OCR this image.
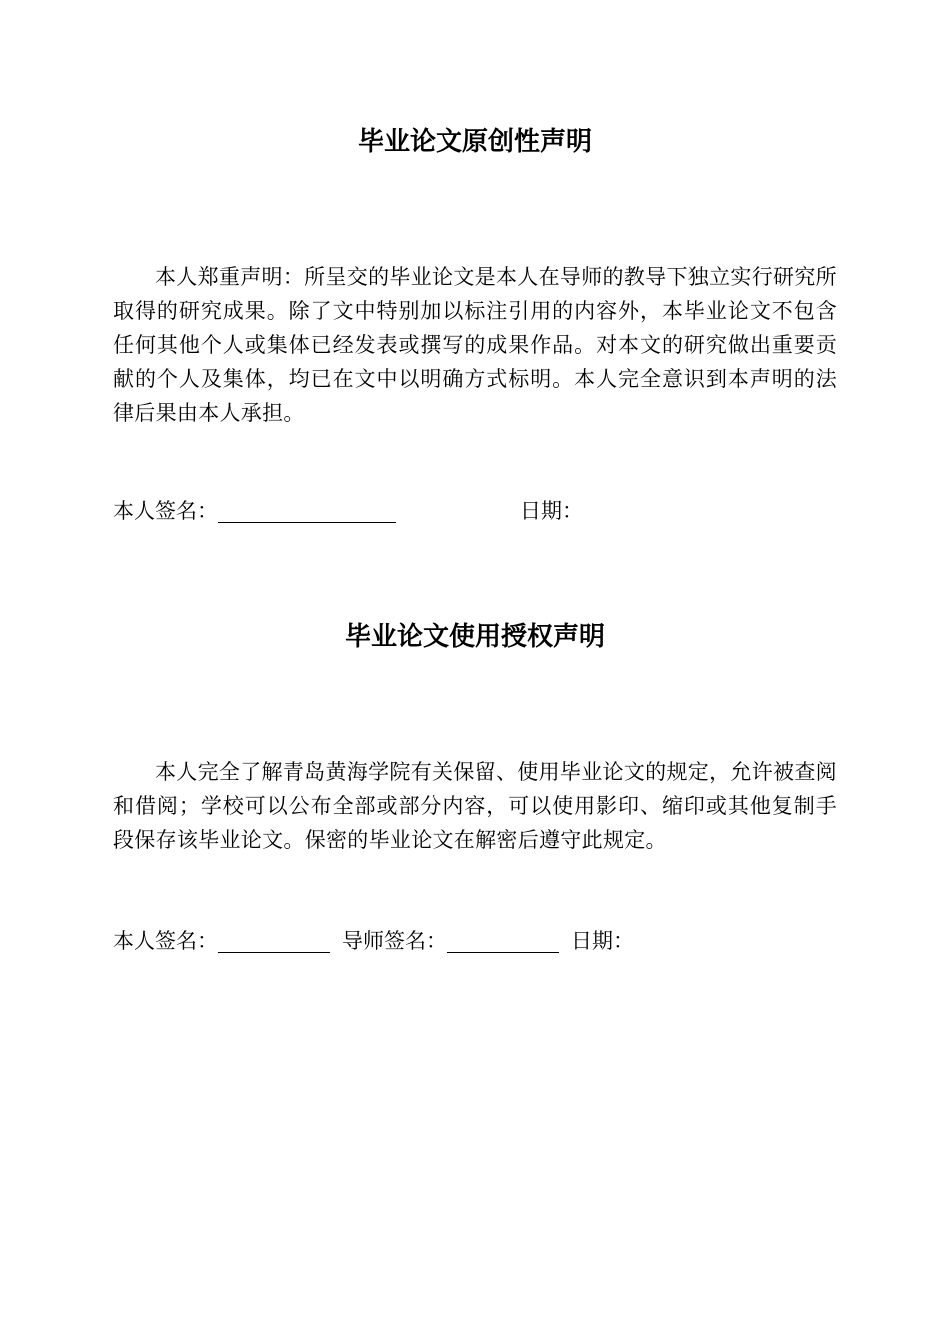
毕业论文原创性声明

本人郑重声明：所呈交的毕业论文是本人在导师的教导下独立实行研究所取得的研究成果。除了文中特别加以标注引用的内容外，本毕业论文不包含任何其他个人或集体已经发表或撰写的成果作品。对本文的研究做出重要贡献的个人及集体，均已在文中以明确方式标明。本人完全意识到本声明的法律后果由本人承担。

本人签名：	日期：
毕业论文使用授权声明

本人完全了解青岛黄海学院有关保留、使用毕业论文的规定，允许被查阅和借阅；学校可以公布全部或部分内容，可以使用影印、缩印或其他复制手段保存该毕业论文。保密的毕业论文在解密后遵守此规定。

本人签名：	导师签名：	日期：
